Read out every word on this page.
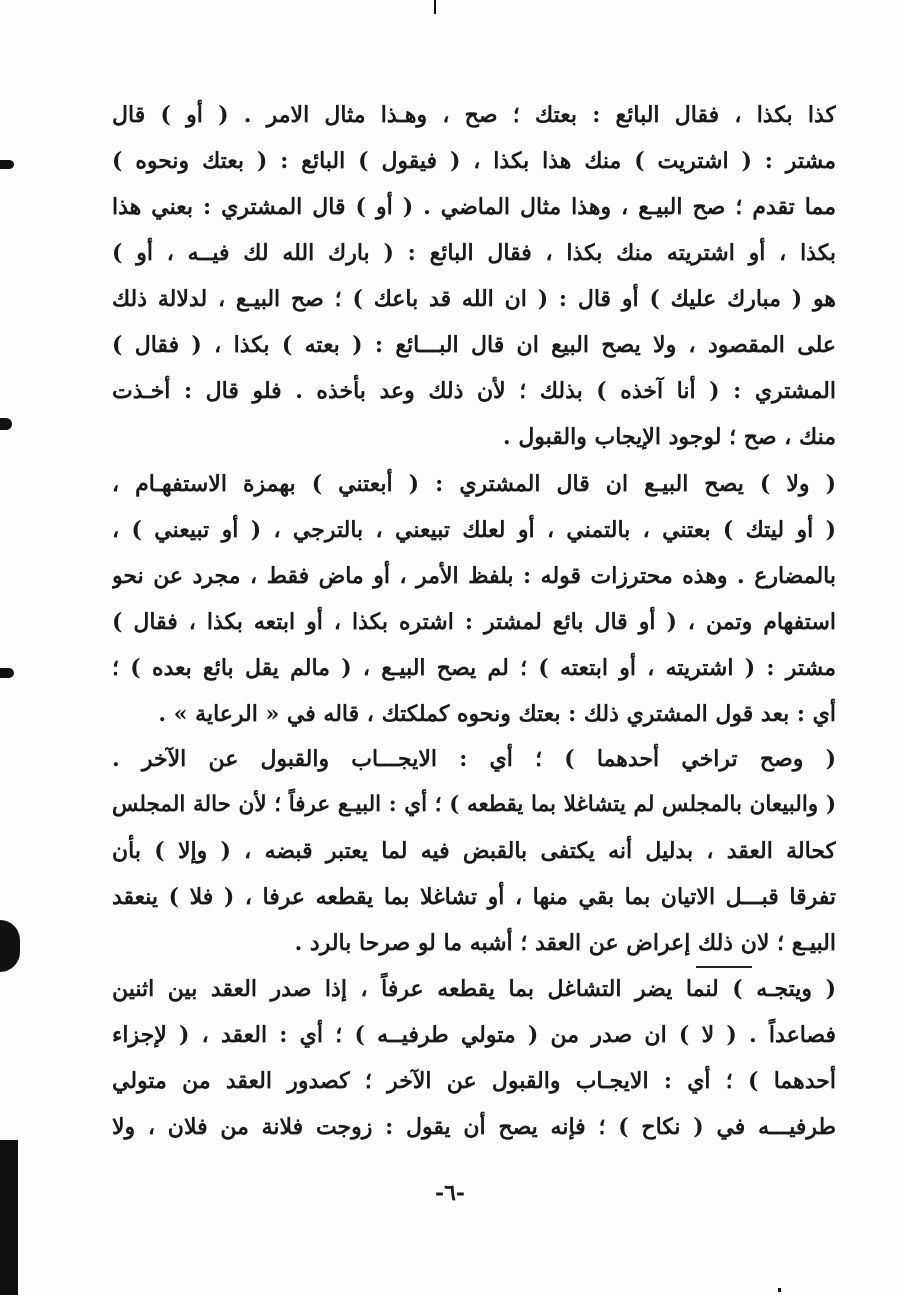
كذا بكذا ، فقال البائع : بعتك ؛ صح ، وهـذا مثال الامر . ( أو ) قال
مشتر : ( اشتريت ) منك هذا بكذا ، ( فيقول ) البائع : ( بعتك ونحوه )
مما تقدم ؛ صح البيـع ، وهذا مثال الماضي . ( أو ) قال المشتري : بعني هذا
بكذا ، أو اشتريته منك بكذا ، فقال البائع : ( بارك الله لك فيــه ، أو )
هو ( مبارك عليك ) أو قال : ( ان الله قد باعك ) ؛ صح البيـع ، لدلالة ذلك
على المقصود ، ولا يصح البيع ان قال البـــائع : ( بعته ) بكذا ، ( فقال )
المشتري : ( أنا آخذه ) بذلك ؛ لأن ذلك وعد بأخذه . فلو قال : أخـذت
منك ، صح ؛ لوجود الإيجاب والقبول .
( ولا ) يصح البيـع ان قال المشتري : ( أبعتني ) بهمزة الاستفهـام ،
( أو ليتك ) بعتني ، بالتمني ، أو لعلك تبيعني ، بالترجي ، ( أو تبيعني ) ،
بالمضارع . وهذه محترزات قوله : بلفظ الأمر ، أو ماض فقط ، مجرد عن نحو
استفهام وتمن ، ( أو قال بائع لمشتر : اشتره بكذا ، أو ابتعه بكذا ، فقال )
مشتر : ( اشتريته ، أو ابتعته ) ؛ لم يصح البيـع ، ( مالم يقل بائع بعده ) ؛
أي : بعد قول المشتري ذلك : بعتك ونحوه كملكتك ، قاله في « الرعاية » .
( وصح تراخي أحدهما ) ؛ أي : الايجـــاب والقبول عن الآخر .
( والبيعان بالمجلس لم يتشاغلا بما يقطعه ) ؛ أي : البيـع عرفاً ؛ لأن حالة المجلس
كحالة العقد ، بدليل أنه يكتفى بالقبض فيه لما يعتبر قبضه ، ( وإلا ) بأن
تفرقا قبـــل الاتيان بما بقي منها ، أو تشاغلا بما يقطعه عرفا ، ( فلا ) ينعقد
البيـع ؛ لان ذلك إعراض عن العقد ؛ أشبه ما لو صرحا بالرد .
( ويتجـه ) لنما يضر التشاغل بما يقطعه عرفاً ، إذا صدر العقد بين اثنين
فصاعداً . ( لا ) ان صدر من ( متولي طرفيــه ) ؛ أي : العقد ، ( لإجزاء
أحدهما ) ؛ أي : الايجـاب والقبول عن الآخر ؛ كصدور العقد من متولي
طرفيـــه في ( نكاح ) ؛ فإنه يصح أن يقول : زوجت فلانة من فلان ، ولا
-٦-
